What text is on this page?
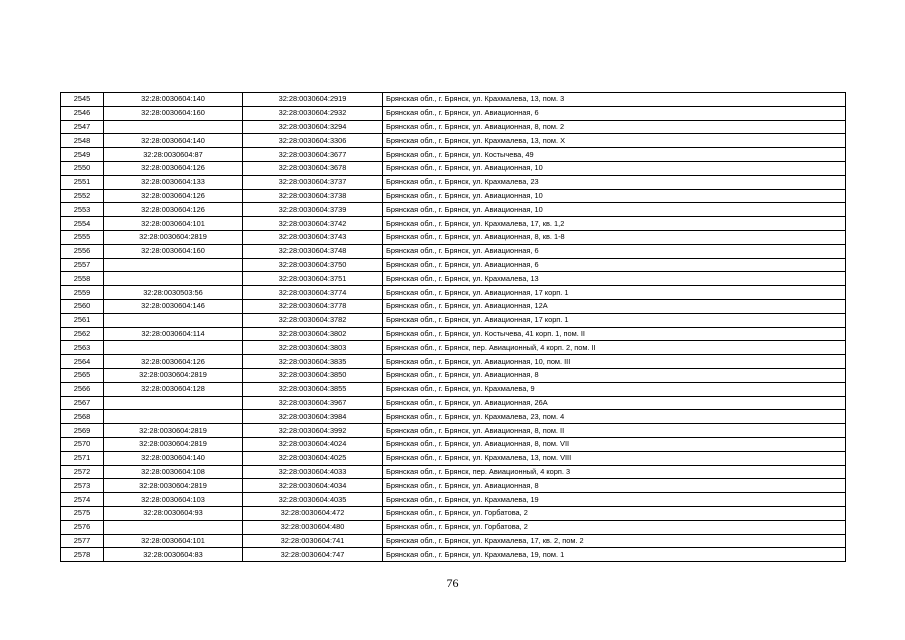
2545	32:28:0030604:140	32:28:0030604:2919	Брянская обл., г. Брянск, ул. Крахмалева, 13, пом. 3
2546	32:28:0030604:160	32:28:0030604:2932	Брянская обл., г. Брянск, ул. Авиационная, 6
2547		32:28:0030604:3294	Брянская обл., г. Брянск, ул. Авиационная, 8, пом. 2
2548	32:28:0030604:140	32:28:0030604:3306	Брянская обл., г. Брянск, ул. Крахмалева, 13, пом. X
2549	32:28:0030604:87	32:28:0030604:3677	Брянская обл., г. Брянск, ул. Костычева, 49
2550	32:28:0030604:126	32:28:0030604:3678	Брянская обл., г. Брянск, ул. Авиационная, 10
2551	32:28:0030604:133	32:28:0030604:3737	Брянская обл., г. Брянск, ул. Крахмалева, 23
2552	32:28:0030604:126	32:28:0030604:3738	Брянская обл., г. Брянск, ул. Авиационная, 10
2553	32:28:0030604:126	32:28:0030604:3739	Брянская обл., г. Брянск, ул. Авиационная, 10
2554	32:28:0030604:101	32:28:0030604:3742	Брянская обл., г. Брянск, ул. Крахмалева, 17, кв. 1,2
2555	32:28:0030604:2819	32:28:0030604:3743	Брянская обл., г. Брянск, ул. Авиационная, 8, кв. 1-8
2556	32:28:0030604:160	32:28:0030604:3748	Брянская обл., г. Брянск, ул. Авиационная, 6
2557		32:28:0030604:3750	Брянская обл., г. Брянск, ул. Авиационная, 6
2558		32:28:0030604:3751	Брянская обл., г. Брянск, ул. Крахмалева, 13
2559	32:28:0030503:56	32:28:0030604:3774	Брянская обл., г. Брянск, ул. Авиационная, 17 корп. 1
2560	32:28:0030604:146	32:28:0030604:3778	Брянская обл., г. Брянск, ул. Авиационная, 12А
2561		32:28:0030604:3782	Брянская обл., г. Брянск, ул. Авиационная, 17 корп. 1
2562	32:28:0030604:114	32:28:0030604:3802	Брянская обл., г. Брянск, ул. Костычева, 41 корп. 1, пом. II
2563		32:28:0030604:3803	Брянская обл., г. Брянск, пер. Авиационный, 4 корп. 2, пом. II
2564	32:28:0030604:126	32:28:0030604:3835	Брянская обл., г. Брянск, ул. Авиационная, 10, пом. III
2565	32:28:0030604:2819	32:28:0030604:3850	Брянская обл., г. Брянск, ул. Авиационная, 8
2566	32:28:0030604:128	32:28:0030604:3855	Брянская обл., г. Брянск, ул. Крахмалева, 9
2567		32:28:0030604:3967	Брянская обл., г. Брянск, ул. Авиационная, 26А
2568		32:28:0030604:3984	Брянская обл., г. Брянск, ул. Крахмалева, 23, пом. 4
2569	32:28:0030604:2819	32:28:0030604:3992	Брянская обл., г. Брянск, ул. Авиационная, 8, пом. II
2570	32:28:0030604:2819	32:28:0030604:4024	Брянская обл., г. Брянск, ул. Авиационная, 8, пом. VII
2571	32:28:0030604:140	32:28:0030604:4025	Брянская обл., г. Брянск, ул. Крахмалева, 13, пом. VIII
2572	32:28:0030604:108	32:28:0030604:4033	Брянская обл., г. Брянск, пер. Авиационный, 4 корп. 3
2573	32:28:0030604:2819	32:28:0030604:4034	Брянская обл., г. Брянск, ул. Авиационная, 8
2574	32:28:0030604:103	32:28:0030604:4035	Брянская обл., г. Брянск, ул. Крахмалева, 19
2575	32:28:0030604:93	32:28:0030604:472	Брянская обл., г. Брянск, ул. Горбатова, 2
2576		32:28:0030604:480	Брянская обл., г. Брянск, ул. Горбатова, 2
2577	32:28:0030604:101	32:28:0030604:741	Брянская обл., г. Брянск, ул. Крахмалева, 17, кв. 2, пом. 2
2578	32:28:0030604:83	32:28:0030604:747	Брянская обл., г. Брянск, ул. Крахмалева, 19, пом. 1
76
